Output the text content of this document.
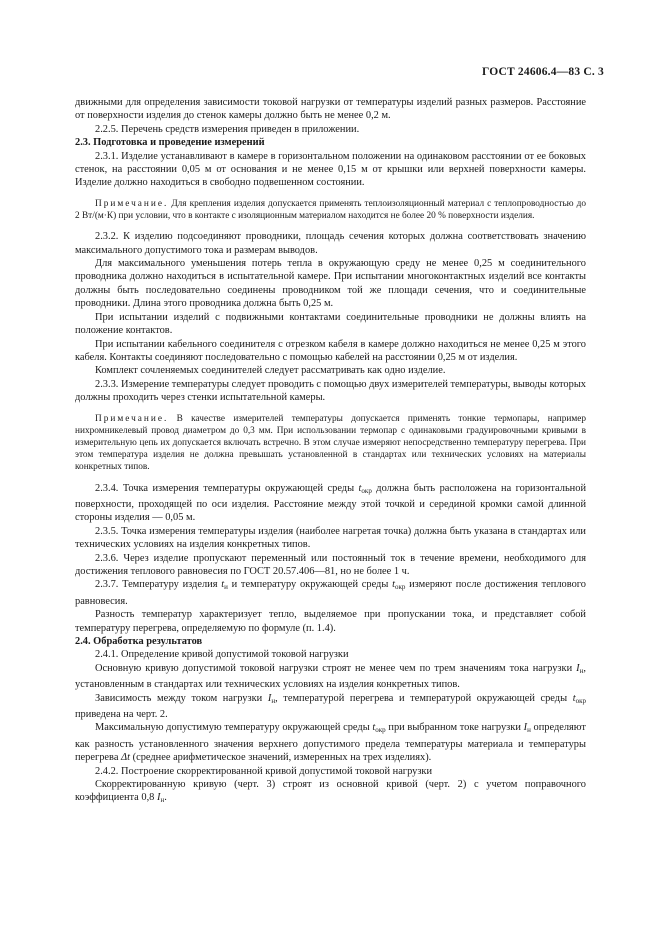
ГОСТ 24606.4—83 С. 3

движными для определения зависимости токовой нагрузки от температуры изделий разных размеров. Расстояние от поверхности изделия до стенок камеры должно быть не менее 0,2 м.

2.2.5. Перечень средств измерения приведен в приложении.

2.3. Подготовка и проведение измерений

2.3.1. Изделие устанавливают в камере в горизонтальном положении на одинаковом расстоянии от ее боковых стенок, на расстоянии 0,05 м от основания и не менее 0,15 м от крышки или верхней поверхности камеры. Изделие должно находиться в свободно подвешенном состоянии.

Примечание. Для крепления изделия допускается применять теплоизоляционный материал с теплопроводностью до 2 Вт/(м·К) при условии, что в контакте с изоляционным материалом находится не более 20 % поверхности изделия.

2.3.2. К изделию подсоединяют проводники, площадь сечения которых должна соответствовать значению максимального допустимого тока и размерам выводов.

Для максимального уменьшения потерь тепла в окружающую среду не менее 0,25 м соединительного проводника должно находиться в испытательной камере. При испытании многоконтактных изделий все контакты должны быть последовательно соединены проводником той же площади сечения, что и соединительные проводники. Длина этого проводника должна быть 0,25 м.

При испытании изделий с подвижными контактами соединительные проводники не должны влиять на положение контактов.

При испытании кабельного соединителя с отрезком кабеля в камере должно находиться не менее 0,25 м этого кабеля. Контакты соединяют последовательно с помощью кабелей на расстоянии 0,25 м от изделия.

Комплект сочленяемых соединителей следует рассматривать как одно изделие.

2.3.3. Измерение температуры следует проводить с помощью двух измерителей температуры, выводы которых должны проходить через стенки испытательной камеры.

Примечание. В качестве измерителей температуры допускается применять тонкие термопары, например нихромникелевый провод диаметром до 0,3 мм. При использовании термопар с одинаковыми градуировочными кривыми в измерительную цепь их допускается включать встречно. В этом случае измеряют непосредственно температуру перегрева. При этом температура изделия не должна превышать установленной в стандартах или технических условиях на материалы конкретных типов.

2.3.4. Точка измерения температуры окружающей среды $t_{окр}$ должна быть расположена на горизонтальной поверхности, проходящей по оси изделия. Расстояние между этой точкой и серединой кромки самой длинной стороны изделия — 0,05 м.

2.3.5. Точка измерения температуры изделия (наиболее нагретая точка) должна быть указана в стандартах или технических условиях на изделия конкретных типов.

2.3.6. Через изделие пропускают переменный или постоянный ток в течение времени, необходимого для достижения теплового равновесия по ГОСТ 20.57.406—81, но не более 1 ч.

2.3.7. Температуру изделия $t_и$ и температуру окружающей среды $t_{окр}$ измеряют после достижения теплового равновесия.

Разность температур характеризует тепло, выделяемое при пропускании тока, и представляет собой температуру перегрева, определяемую по формуле (п. 1.4).

2.4. Обработка результатов

2.4.1. Определение кривой допустимой токовой нагрузки

Основную кривую допустимой токовой нагрузки строят не менее чем по трем значениям тока нагрузки $I_н$, установленным в стандартах или технических условиях на изделия конкретных типов.

Зависимость между током нагрузки $I_н$, температурой перегрева и температурой окружающей среды $t_{окр}$ приведена на черт. 2.

Максимальную допустимую температуру окружающей среды $t_{окр}$ при выбранном токе нагрузки $I_н$ определяют как разность установленного значения верхнего допустимого предела температуры материала и температуры перегрева Δt (среднее арифметическое значений, измеренных на трех изделиях).

2.4.2. Построение скорректированной кривой допустимой токовой нагрузки

Скорректированную кривую (черт. 3) строят из основной кривой (черт. 2) с учетом поправочного коэффициента 0,8 $I_н$.
